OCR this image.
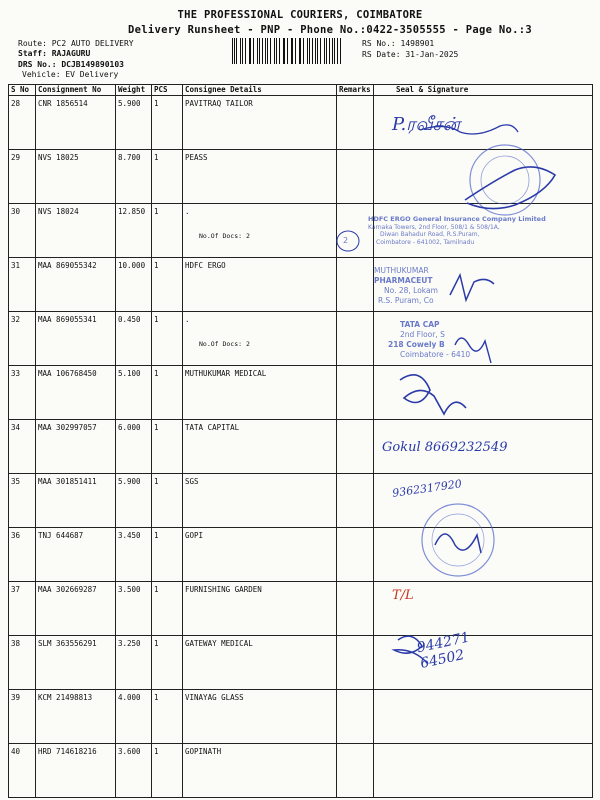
THE PROFESSIONAL COURIERS, COIMBATORE
Delivery Runsheet - PNP - Phone No.:0422-3505555 - Page No.:3
Route: PC2 AUTO DELIVERY
Staff: RAJAGURU
DRS No.: DCJB149890103
Vehicle: EV Delivery
RS No.: 1498901
RS Date: 31-Jan-2025
S No	Consignment No	Weight	PCS	Consignee Details	Remarks	Seal & Signature
28	CNR 1856514	5.900	1	PAVITRAQ TAILOR		
29	NVS 18025	8.700	1	PEASS		
30	NVS 18024	12.850	1	.
No.Of Docs: 2		

31	MAA 869055342	10.000	1	HDFC ERGO		
32	MAA 869055341	0.450	1	.
No.Of Docs: 2		

33	MAA 106768450	5.100	1	MUTHUKUMAR MEDICAL		
34	MAA 302997057	6.000	1	TATA CAPITAL		
35	MAA 301851411	5.900	1	SGS		
36	TNJ 644687	3.450	1	GOPI		
37	MAA 302669287	3.500	1	FURNISHING GARDEN		
38	SLM 363556291	3.250	1	GATEWAY MEDICAL		
39	KCM 21498813	4.000	1	VINAYAG GLASS		
40	HRD 714618216	3.600	1	GOPINATH		
HDFC ERGO General Insurance Company Limited
Karnaka Towers, 2nd Floor, 508/1 & 508/1A,
Diwan Bahadur Road, R.S.Puram,
Coimbatore - 641002, Tamilnadu
2
MUTHUKUMAR
PHARMACEUT
No. 28, Lokam
R.S. Puram, Co
TATA CAP
2nd Floor, S
218 Cowely B
Coimbatore - 6410
P.ரவீசன்
Gokul 8669232549
9362317920
T/L
944271 64502
